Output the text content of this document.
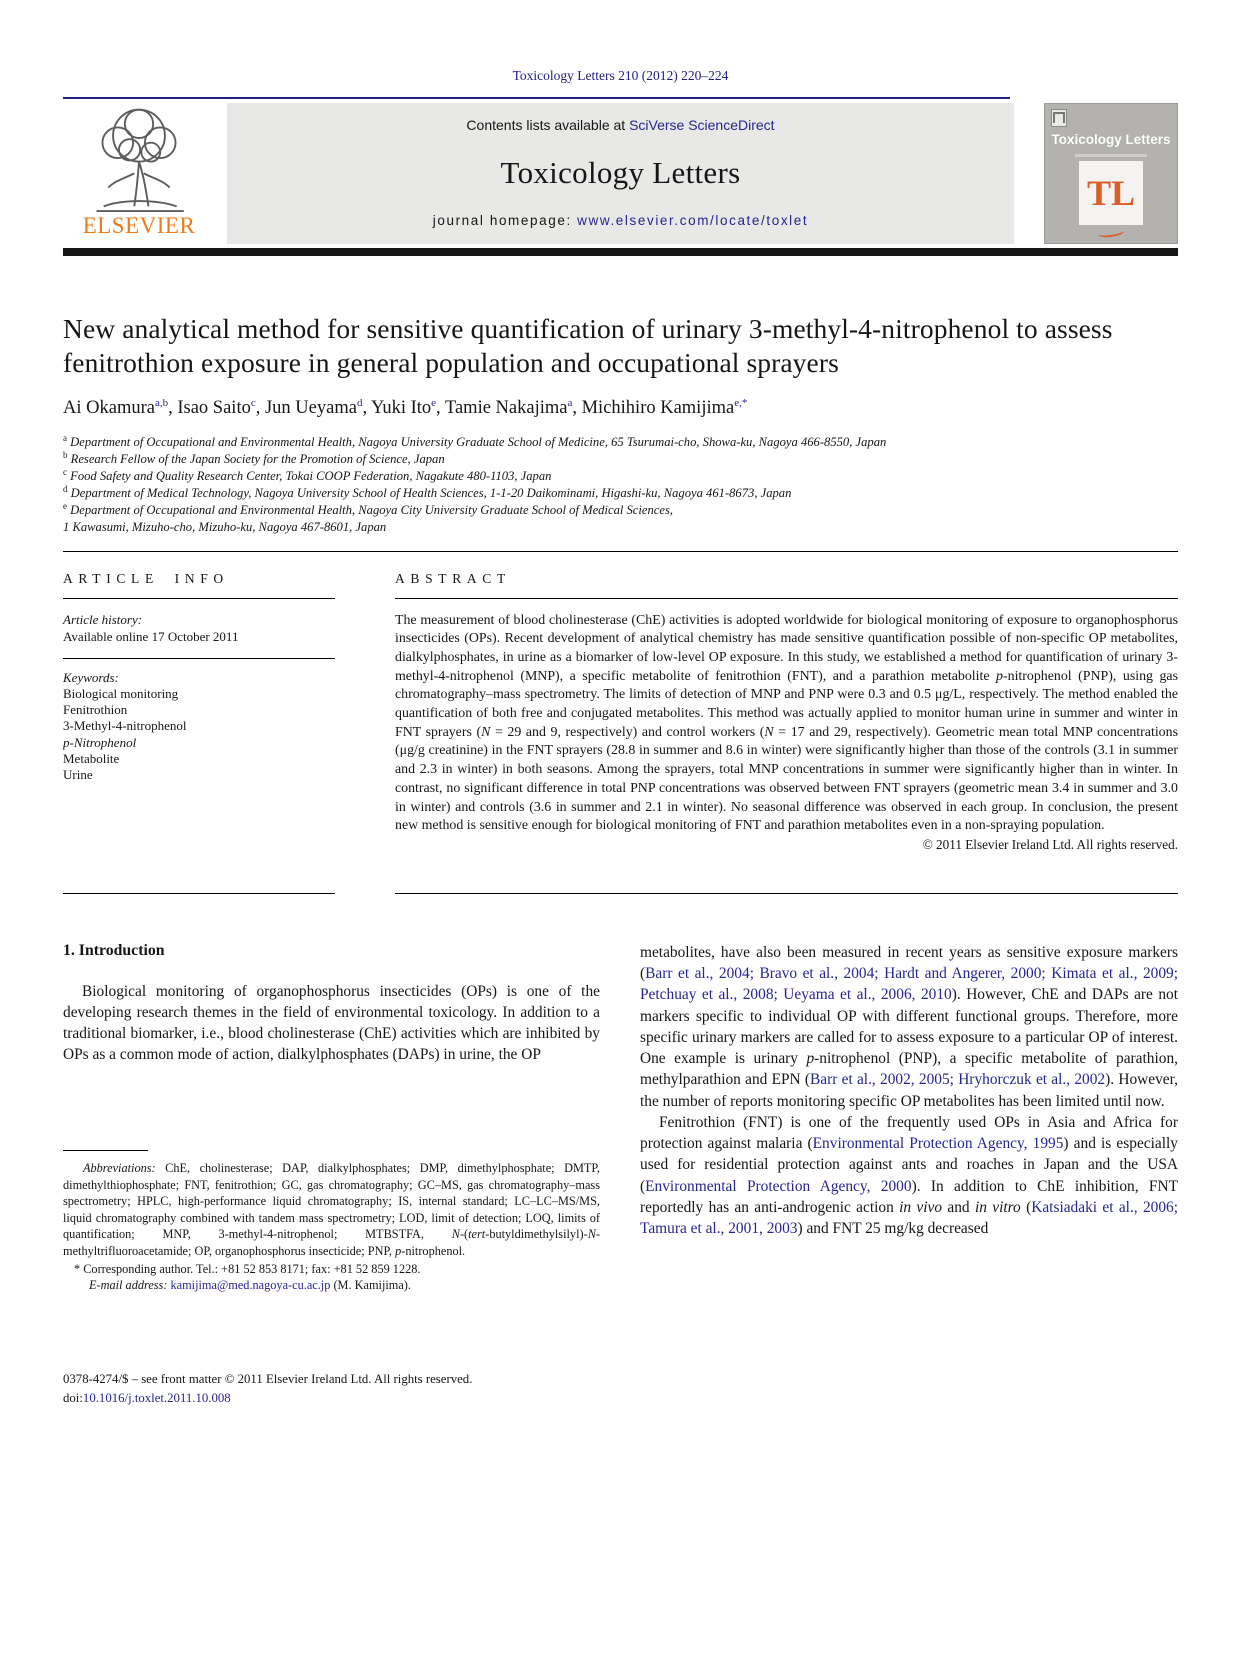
Toxicology Letters 210 (2012) 220–224
ELSEVIER
Contents lists available at SciVerse ScienceDirect
Toxicology Letters
journal homepage: www.elsevier.com/locate/toxlet
Toxicology Letters
TL
New analytical method for sensitive quantification of urinary 3-methyl-4-nitrophenol to assess fenitrothion exposure in general population and occupational sprayers
Ai Okamura$^{a,b}$, Isao Saito$^c$, Jun Ueyama$^d$, Yuki Ito$^e$, Tamie Nakajima$^a$, Michihiro Kamijima$^{e,*}$
$^a$ Department of Occupational and Environmental Health, Nagoya University Graduate School of Medicine, 65 Tsurumai-cho, Showa-ku, Nagoya 466-8550, Japan
$^b$ Research Fellow of the Japan Society for the Promotion of Science, Japan
$^c$ Food Safety and Quality Research Center, Tokai COOP Federation, Nagakute 480-1103, Japan
$^d$ Department of Medical Technology, Nagoya University School of Health Sciences, 1-1-20 Daikominami, Higashi-ku, Nagoya 461-8673, Japan
$^e$ Department of Occupational and Environmental Health, Nagoya City University Graduate School of Medical Sciences,
1 Kawasumi, Mizuho-cho, Mizuho-ku, Nagoya 467-8601, Japan
ARTICLE INFO
Article history:
Available online 17 October 2011
Keywords:
Biological monitoring
Fenitrothion
3-Methyl-4-nitrophenol
p-Nitrophenol
Metabolite
Urine
ABSTRACT
The measurement of blood cholinesterase (ChE) activities is adopted worldwide for biological monitoring of exposure to organophosphorus insecticides (OPs). Recent development of analytical chemistry has made sensitive quantification possible of non-specific OP metabolites, dialkylphosphates, in urine as a biomarker of low-level OP exposure. In this study, we established a method for quantification of urinary 3-methyl-4-nitrophenol (MNP), a specific metabolite of fenitrothion (FNT), and a parathion metabolite p-nitrophenol (PNP), using gas chromatography–mass spectrometry. The limits of detection of MNP and PNP were 0.3 and 0.5 μg/L, respectively. The method enabled the quantification of both free and conjugated metabolites. This method was actually applied to monitor human urine in summer and winter in FNT sprayers (N = 29 and 9, respectively) and control workers (N = 17 and 29, respectively). Geometric mean total MNP concentrations (μg/g creatinine) in the FNT sprayers (28.8 in summer and 8.6 in winter) were significantly higher than those of the controls (3.1 in summer and 2.3 in winter) in both seasons. Among the sprayers, total MNP concentrations in summer were significantly higher than in winter. In contrast, no significant difference in total PNP concentrations was observed between FNT sprayers (geometric mean 3.4 in summer and 3.0 in winter) and controls (3.6 in summer and 2.1 in winter). No seasonal difference was observed in each group. In conclusion, the present new method is sensitive enough for biological monitoring of FNT and parathion metabolites even in a non-spraying population.
© 2011 Elsevier Ireland Ltd. All rights reserved.
1. Introduction

Biological monitoring of organophosphorus insecticides (OPs) is one of the developing research themes in the field of environmental toxicology. In addition to a traditional biomarker, i.e., blood cholinesterase (ChE) activities which are inhibited by OPs as a common mode of action, dialkylphosphates (DAPs) in urine, the OP

Abbreviations: ChE, cholinesterase; DAP, dialkylphosphates; DMP, dimethylphosphate; DMTP, dimethylthiophosphate; FNT, fenitrothion; GC, gas chromatography; GC–MS, gas chromatography–mass spectrometry; HPLC, high-performance liquid chromatography; IS, internal standard; LC–LC–MS/MS, liquid chromatography combined with tandem mass spectrometry; LOD, limit of detection; LOQ, limits of quantification; MNP, 3-methyl-4-nitrophenol; MTBSTFA, N-(tert-butyldimethylsilyl)-N-methyltrifluoroacetamide; OP, organophosphorus insecticide; PNP, p-nitrophenol.

* Corresponding author. Tel.: +81 52 853 8171; fax: +81 52 859 1228.

E-mail address: kamijima@med.nagoya-cu.ac.jp (M. Kamijima).

0378-4274/$ – see front matter © 2011 Elsevier Ireland Ltd. All rights reserved.
doi:10.1016/j.toxlet.2011.10.008

metabolites, have also been measured in recent years as sensitive exposure markers (Barr et al., 2004; Bravo et al., 2004; Hardt and Angerer, 2000; Kimata et al., 2009; Petchuay et al., 2008; Ueyama et al., 2006, 2010). However, ChE and DAPs are not markers specific to individual OP with different functional groups. Therefore, more specific urinary markers are called for to assess exposure to a particular OP of interest. One example is urinary p-nitrophenol (PNP), a specific metabolite of parathion, methylparathion and EPN (Barr et al., 2002, 2005; Hryhorczuk et al., 2002). However, the number of reports monitoring specific OP metabolites has been limited until now.

Fenitrothion (FNT) is one of the frequently used OPs in Asia and Africa for protection against malaria (Environmental Protection Agency, 1995) and is especially used for residential protection against ants and roaches in Japan and the USA (Environmental Protection Agency, 2000). In addition to ChE inhibition, FNT reportedly has an anti-androgenic action in vivo and in vitro (Katsiadaki et al., 2006; Tamura et al., 2001, 2003) and FNT 25 mg/kg decreased
